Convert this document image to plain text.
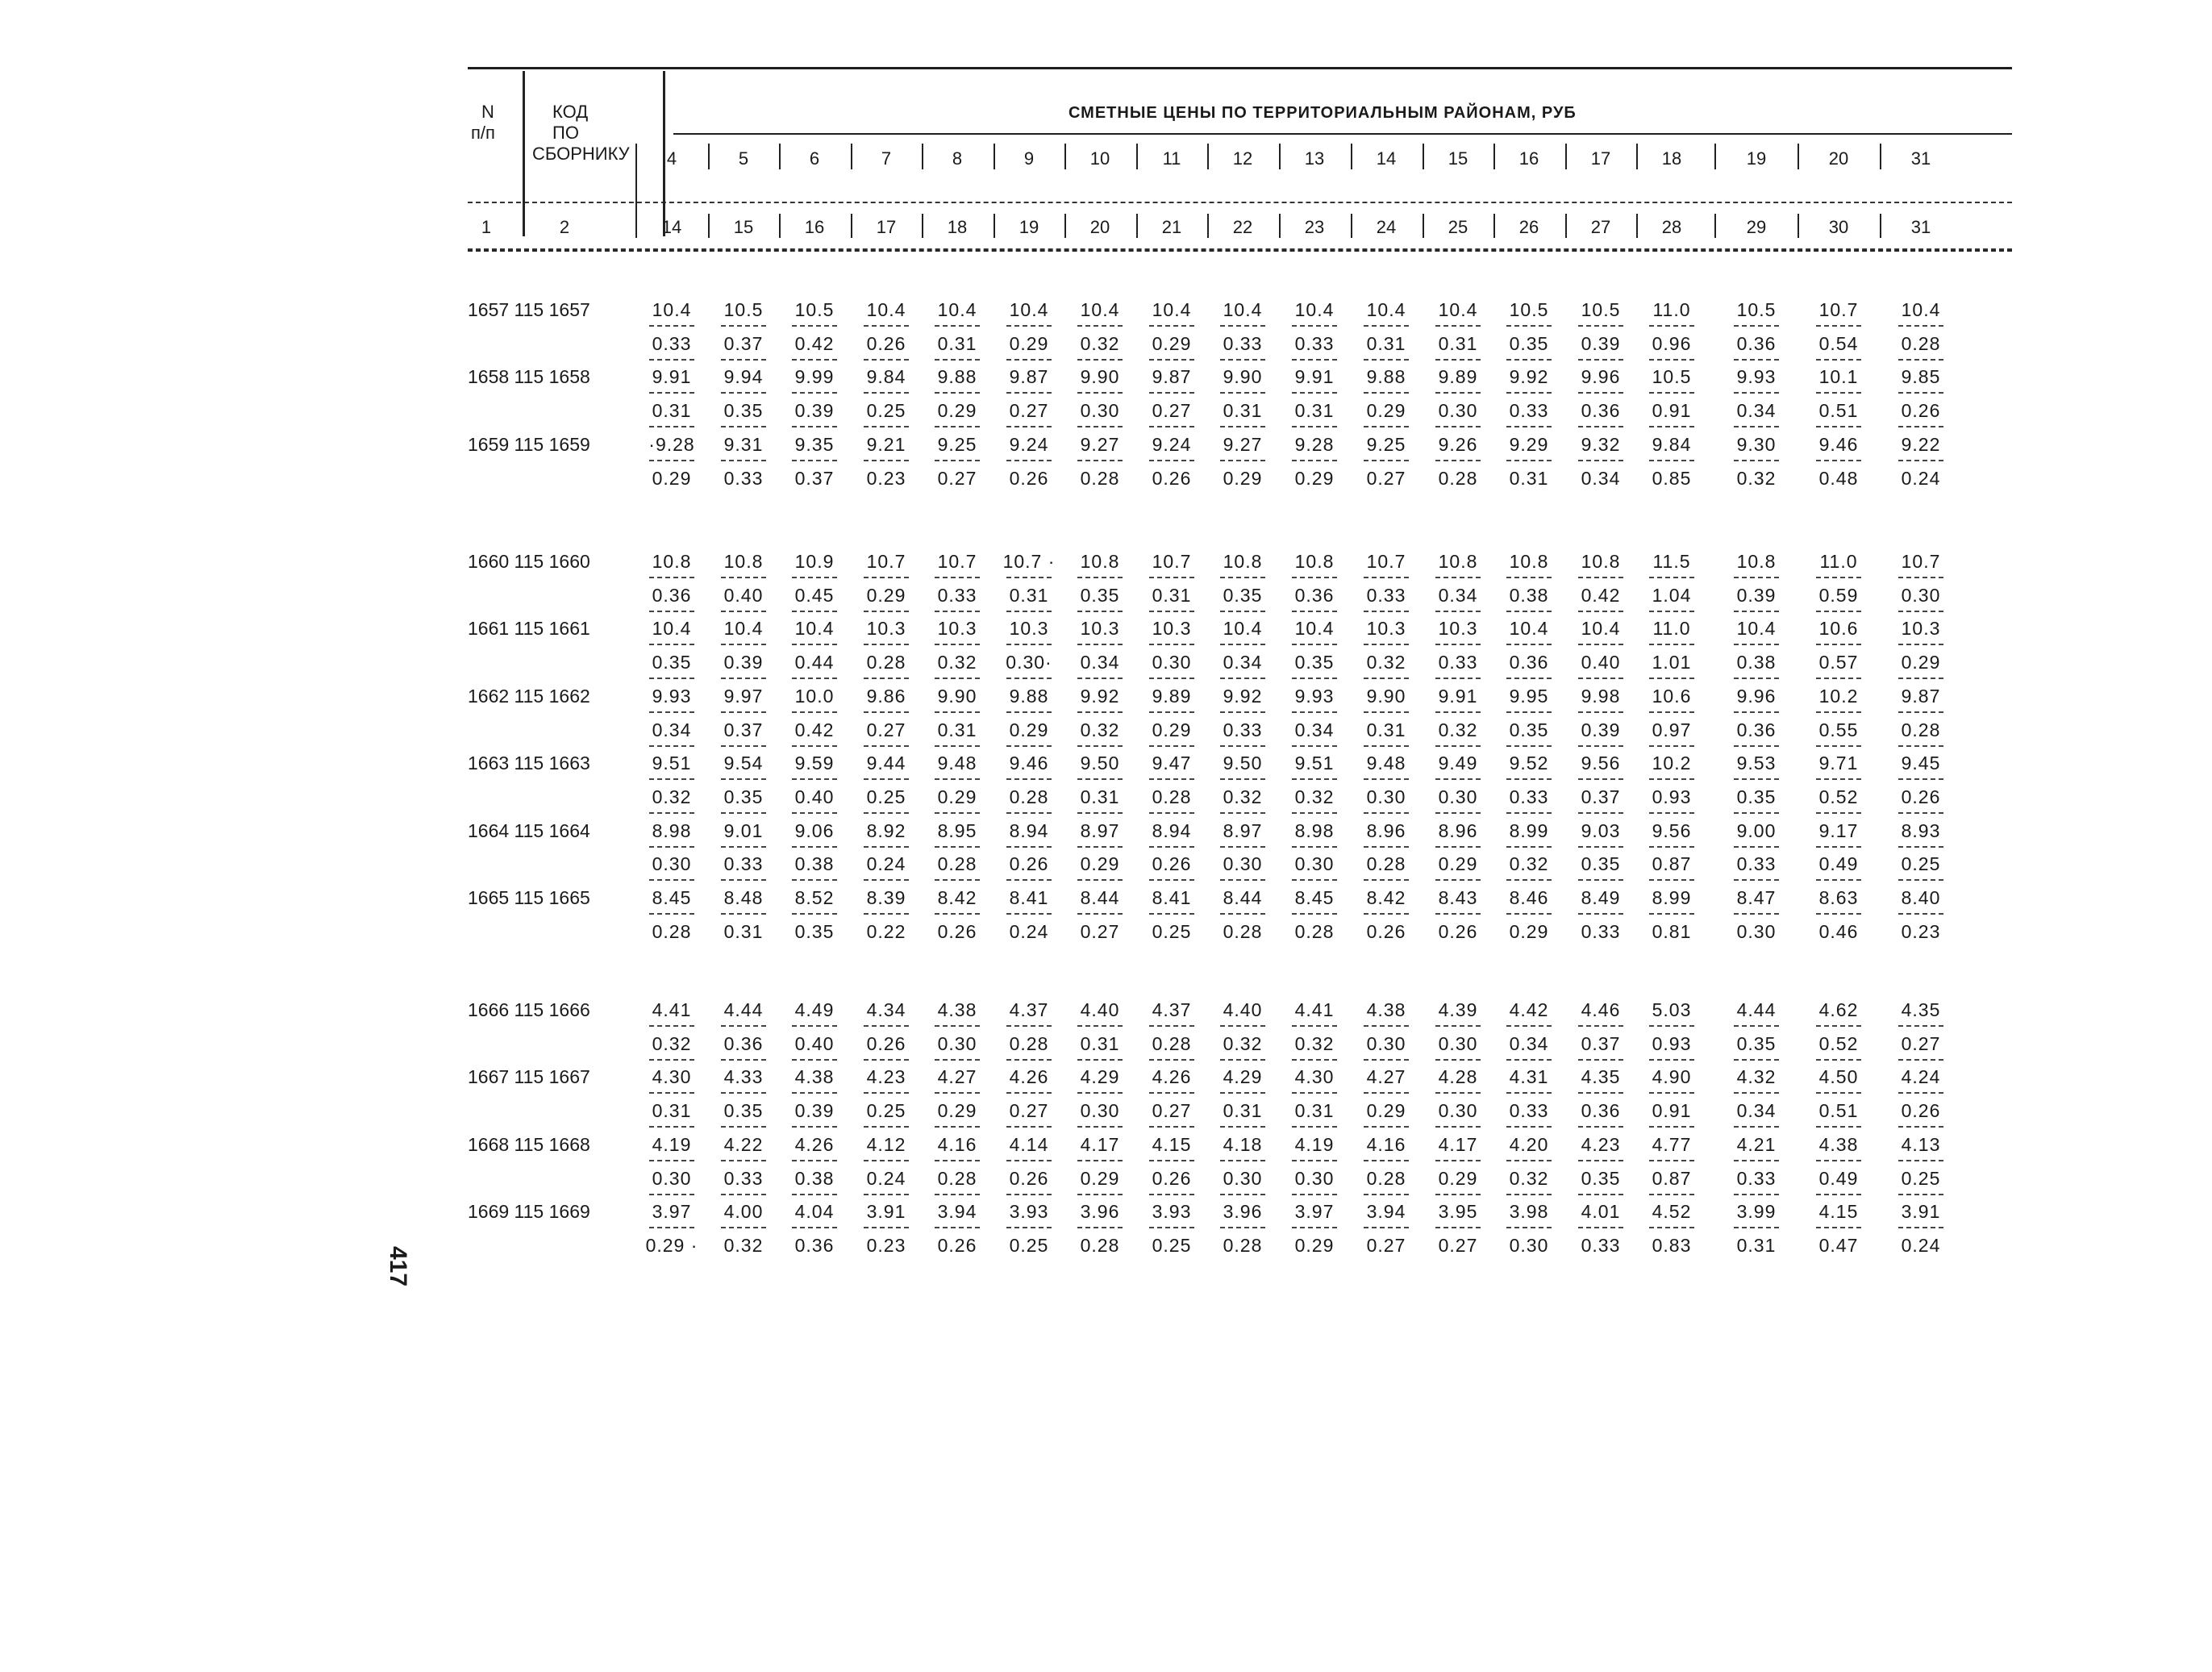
N
п/п
КОД
ПО
СБОРНИКУ
СМЕТНЫЕ ЦЕНЫ ПО ТЕРРИТОРИАЛЬНЫМ РАЙОНАМ, РУБ
1	2
4	5	6	7	8	9	10	11	12	13	14	15	16	17	18	19	20	31
14	15	16	17	18	19	20	21	22	23	24	25	26	27	28	29	30	31
1657 115 1657	10.4	10.5	10.5	10.4	10.4	10.4	10.4	10.4	10.4	10.4	10.4	10.4	10.5	10.5	11.0	10.5	10.7	10.4
0.33	0.37	0.42	0.26	0.31	0.29	0.32	0.29	0.33	0.33	0.31	0.31	0.35	0.39	0.96	0.36	0.54	0.28
1658 115 1658	9.91	9.94	9.99	9.84	9.88	9.87	9.90	9.87	9.90	9.91	9.88	9.89	9.92	9.96	10.5	9.93	10.1	9.85
0.31	0.35	0.39	0.25	0.29	0.27	0.30	0.27	0.31	0.31	0.29	0.30	0.33	0.36	0.91	0.34	0.51	0.26
1659 115 1659	·9.28	9.31	9.35	9.21	9.25	9.24	9.27	9.24	9.27	9.28	9.25	9.26	9.29	9.32	9.84	9.30	9.46	9.22
0.29	0.33	0.37	0.23	0.27	0.26	0.28	0.26	0.29	0.29	0.27	0.28	0.31	0.34	0.85	0.32	0.48	0.24
1660 115 1660	10.8	10.8	10.9	10.7	10.7	10.7 ·	10.8	10.7	10.8	10.8	10.7	10.8	10.8	10.8	11.5	10.8	11.0	10.7
0.36	0.40	0.45	0.29	0.33	0.31	0.35	0.31	0.35	0.36	0.33	0.34	0.38	0.42	1.04	0.39	0.59	0.30
1661 115 1661	10.4	10.4	10.4	10.3	10.3	10.3	10.3	10.3	10.4	10.4	10.3	10.3	10.4	10.4	11.0	10.4	10.6	10.3
0.35	0.39	0.44	0.28	0.32	0.30·	0.34	0.30	0.34	0.35	0.32	0.33	0.36	0.40	1.01	0.38	0.57	0.29
1662 115 1662	9.93	9.97	10.0	9.86	9.90	9.88	9.92	9.89	9.92	9.93	9.90	9.91	9.95	9.98	10.6	9.96	10.2	9.87
0.34	0.37	0.42	0.27	0.31	0.29	0.32	0.29	0.33	0.34	0.31	0.32	0.35	0.39	0.97	0.36	0.55	0.28
1663 115 1663	9.51	9.54	9.59	9.44	9.48	9.46	9.50	9.47	9.50	9.51	9.48	9.49	9.52	9.56	10.2	9.53	9.71	9.45
0.32	0.35	0.40	0.25	0.29	0.28	0.31	0.28	0.32	0.32	0.30	0.30	0.33	0.37	0.93	0.35	0.52	0.26
1664 115 1664	8.98	9.01	9.06	8.92	8.95	8.94	8.97	8.94	8.97	8.98	8.96	8.96	8.99	9.03	9.56	9.00	9.17	8.93
0.30	0.33	0.38	0.24	0.28	0.26	0.29	0.26	0.30	0.30	0.28	0.29	0.32	0.35	0.87	0.33	0.49	0.25
1665 115 1665	8.45	8.48	8.52	8.39	8.42	8.41	8.44	8.41	8.44	8.45	8.42	8.43	8.46	8.49	8.99	8.47	8.63	8.40
0.28	0.31	0.35	0.22	0.26	0.24	0.27	0.25	0.28	0.28	0.26	0.26	0.29	0.33	0.81	0.30	0.46	0.23
1666 115 1666	4.41	4.44	4.49	4.34	4.38	4.37	4.40	4.37	4.40	4.41	4.38	4.39	4.42	4.46	5.03	4.44	4.62	4.35
0.32	0.36	0.40	0.26	0.30	0.28	0.31	0.28	0.32	0.32	0.30	0.30	0.34	0.37	0.93	0.35	0.52	0.27
1667 115 1667	4.30	4.33	4.38	4.23	4.27	4.26	4.29	4.26	4.29	4.30	4.27	4.28	4.31	4.35	4.90	4.32	4.50	4.24
0.31	0.35	0.39	0.25	0.29	0.27	0.30	0.27	0.31	0.31	0.29	0.30	0.33	0.36	0.91	0.34	0.51	0.26
1668 115 1668	4.19	4.22	4.26	4.12	4.16	4.14	4.17	4.15	4.18	4.19	4.16	4.17	4.20	4.23	4.77	4.21	4.38	4.13
0.30	0.33	0.38	0.24	0.28	0.26	0.29	0.26	0.30	0.30	0.28	0.29	0.32	0.35	0.87	0.33	0.49	0.25
1669 115 1669	3.97	4.00	4.04	3.91	3.94	3.93	3.96	3.93	3.96	3.97	3.94	3.95	3.98	4.01	4.52	3.99	4.15	3.91
0.29 ·	0.32	0.36	0.23	0.26	0.25	0.28	0.25	0.28	0.29	0.27	0.27	0.30	0.33	0.83	0.31	0.47	0.24
417
